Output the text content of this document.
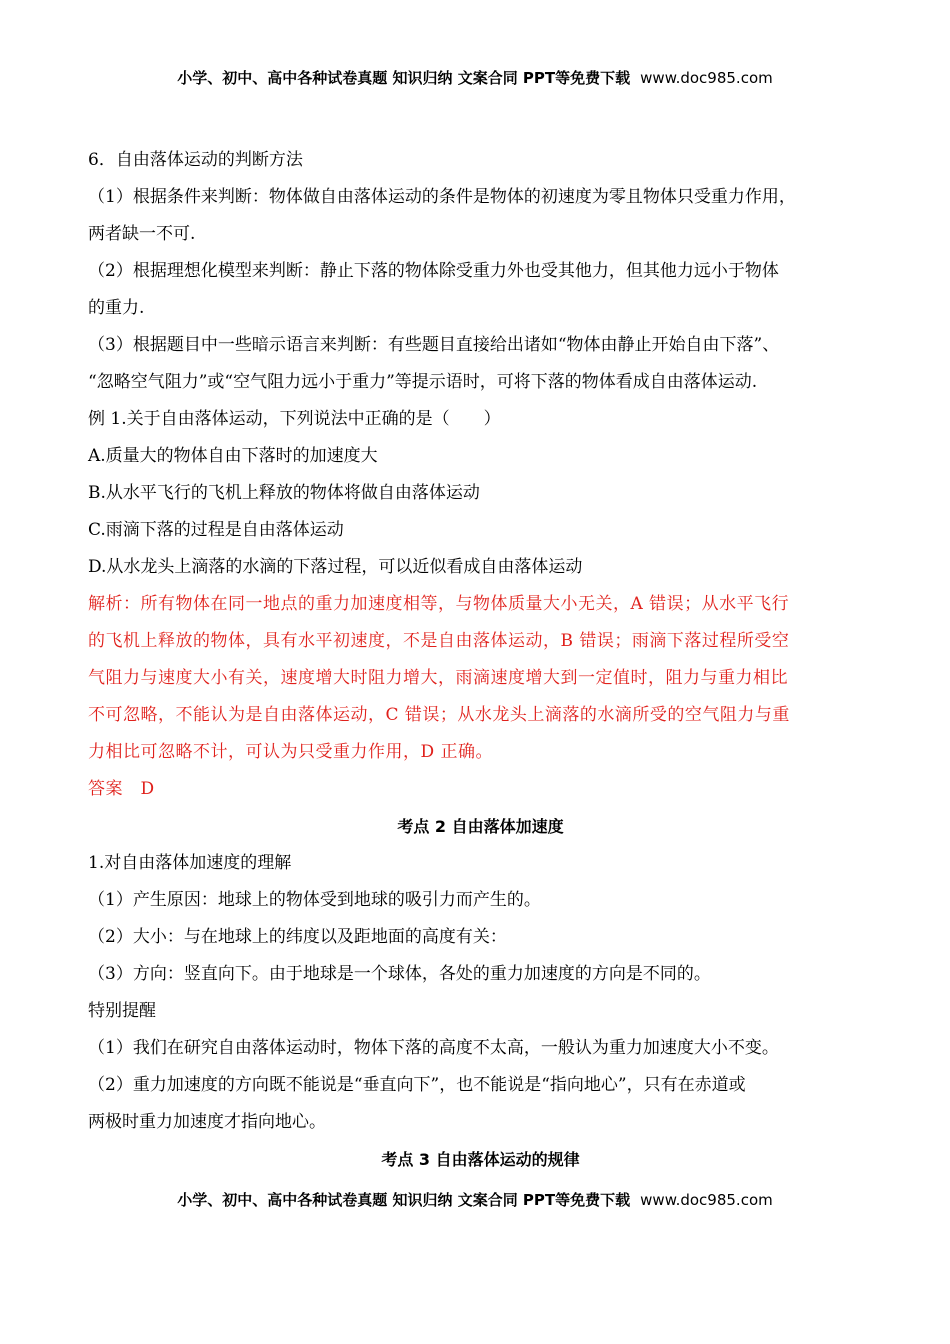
小学、初中、高中各种试卷真题 知识归纳 文案合同 PPT等免费下载 www.doc985.com
6．自由落体运动的判断方法
（1）根据条件来判断：物体做自由落体运动的条件是物体的初速度为零且物体只受重力作用，
两者缺一不可.
（2）根据理想化模型来判断：静止下落的物体除受重力外也受其他力，但其他力远小于物体
的重力.
（3）根据题目中一些暗示语言来判断：有些题目直接给出诸如“物体由静止开始自由下落”、
“忽略空气阻力”或“空气阻力远小于重力”等提示语时，可将下落的物体看成自由落体运动.
例 1.关于自由落体运动，下列说法中正确的是（　　）
A.质量大的物体自由下落时的加速度大
B.从水平飞行的飞机上释放的物体将做自由落体运动
C.雨滴下落的过程是自由落体运动
D.从水龙头上滴落的水滴的下落过程，可以近似看成自由落体运动
解析：所有物体在同一地点的重力加速度相等，与物体质量大小无关，A 错误；从水平飞行
的飞机上释放的物体，具有水平初速度，不是自由落体运动，B 错误；雨滴下落过程所受空
气阻力与速度大小有关，速度增大时阻力增大，雨滴速度增大到一定值时，阻力与重力相比
不可忽略，不能认为是自由落体运动，C 错误；从水龙头上滴落的水滴所受的空气阻力与重
力相比可忽略不计，可认为只受重力作用，D 正确。
答案　D
考点 2 自由落体加速度
1.对自由落体加速度的理解
（1）产生原因：地球上的物体受到地球的吸引力而产生的。
（2）大小：与在地球上的纬度以及距地面的高度有关：
（3）方向：竖直向下。由于地球是一个球体，各处的重力加速度的方向是不同的。
特别提醒
（1）我们在研究自由落体运动时，物体下落的高度不太高，一般认为重力加速度大小不变。
（2）重力加速度的方向既不能说是“垂直向下”，也不能说是“指向地心”，只有在赤道或
两极时重力加速度才指向地心。
考点 3 自由落体运动的规律
小学、初中、高中各种试卷真题 知识归纳 文案合同 PPT等免费下载 www.doc985.com
